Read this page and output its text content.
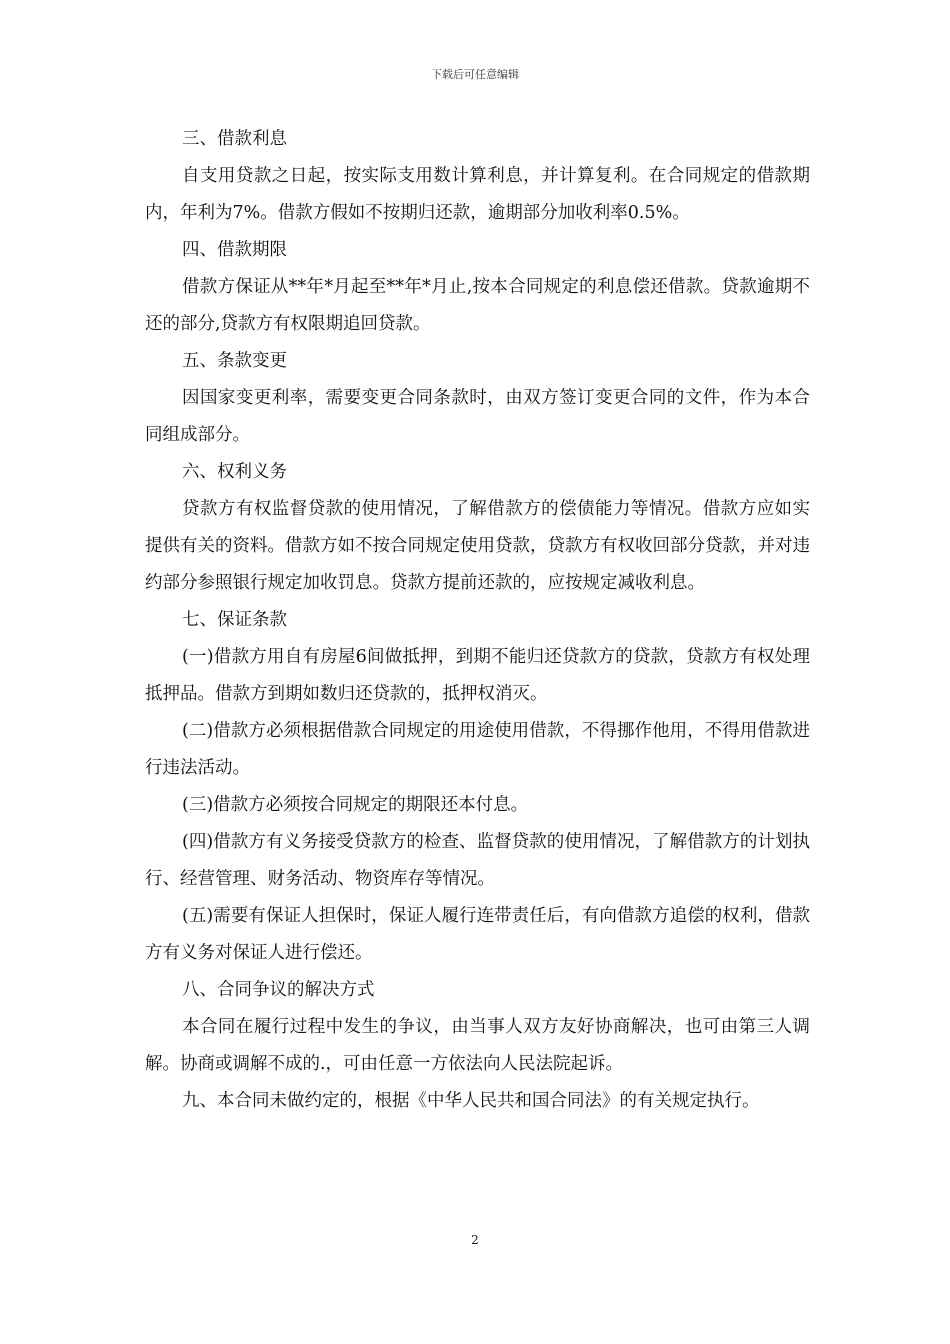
下载后可任意编辑

三、借款利息

自支用贷款之日起，按实际支用数计算利息，并计算复利。在合同规定的借款期内，年利为7%。借款方假如不按期归还款，逾期部分加收利率0.5%。

四、借款期限

借款方保证从**年*月起至**年*月止,按本合同规定的利息偿还借款。贷款逾期不还的部分,贷款方有权限期追回贷款。

五、条款变更

因国家变更利率，需要变更合同条款时，由双方签订变更合同的文件，作为本合同组成部分。

六、权利义务

贷款方有权监督贷款的使用情况，了解借款方的偿债能力等情况。借款方应如实提供有关的资料。借款方如不按合同规定使用贷款，贷款方有权收回部分贷款，并对违约部分参照银行规定加收罚息。贷款方提前还款的，应按规定减收利息。

七、保证条款

(一)借款方用自有房屋6间做抵押，到期不能归还贷款方的贷款，贷款方有权处理抵押品。借款方到期如数归还贷款的，抵押权消灭。

(二)借款方必须根据借款合同规定的用途使用借款，不得挪作他用，不得用借款进行违法活动。

(三)借款方必须按合同规定的期限还本付息。

(四)借款方有义务接受贷款方的检查、监督贷款的使用情况，了解借款方的计划执行、经营管理、财务活动、物资库存等情况。

(五)需要有保证人担保时，保证人履行连带责任后，有向借款方追偿的权利，借款方有义务对保证人进行偿还。

八、合同争议的解决方式

本合同在履行过程中发生的争议，由当事人双方友好协商解决，也可由第三人调解。协商或调解不成的.，可由任意一方依法向人民法院起诉。

九、本合同未做约定的，根据《中华人民共和国合同法》的有关规定执行。

2
